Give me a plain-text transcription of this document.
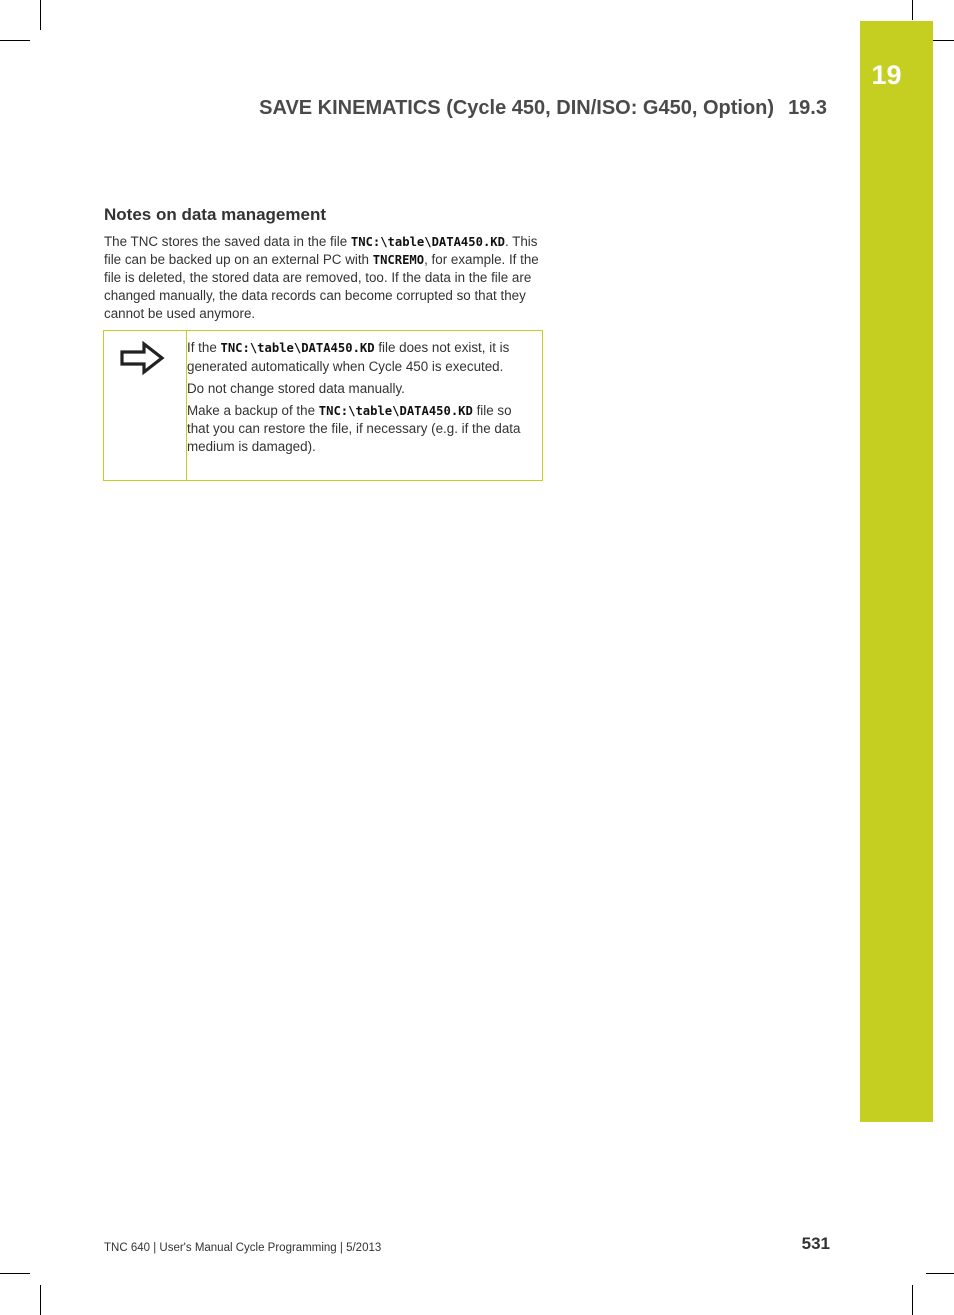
19
SAVE KINEMATICS (Cycle 450, DIN/ISO: G450, Option) 19.3
Notes on data management

The TNC stores the saved data in the file TNC:\table\DATA450.KD. This file can be backed up on an external PC with TNCREMO, for example. If the file is deleted, the stored data are removed, too. If the data in the file are changed manually, the data records can become corrupted so that they cannot be used anymore.

If the TNC:\table\DATA450.KD file does not exist, it is generated automatically when Cycle 450 is executed.

Do not change stored data manually.

Make a backup of the TNC:\table\DATA450.KD file so that you can restore the file, if necessary (e.g. if the data medium is damaged).

TNC 640 | User's Manual Cycle Programming | 5/2013	531
